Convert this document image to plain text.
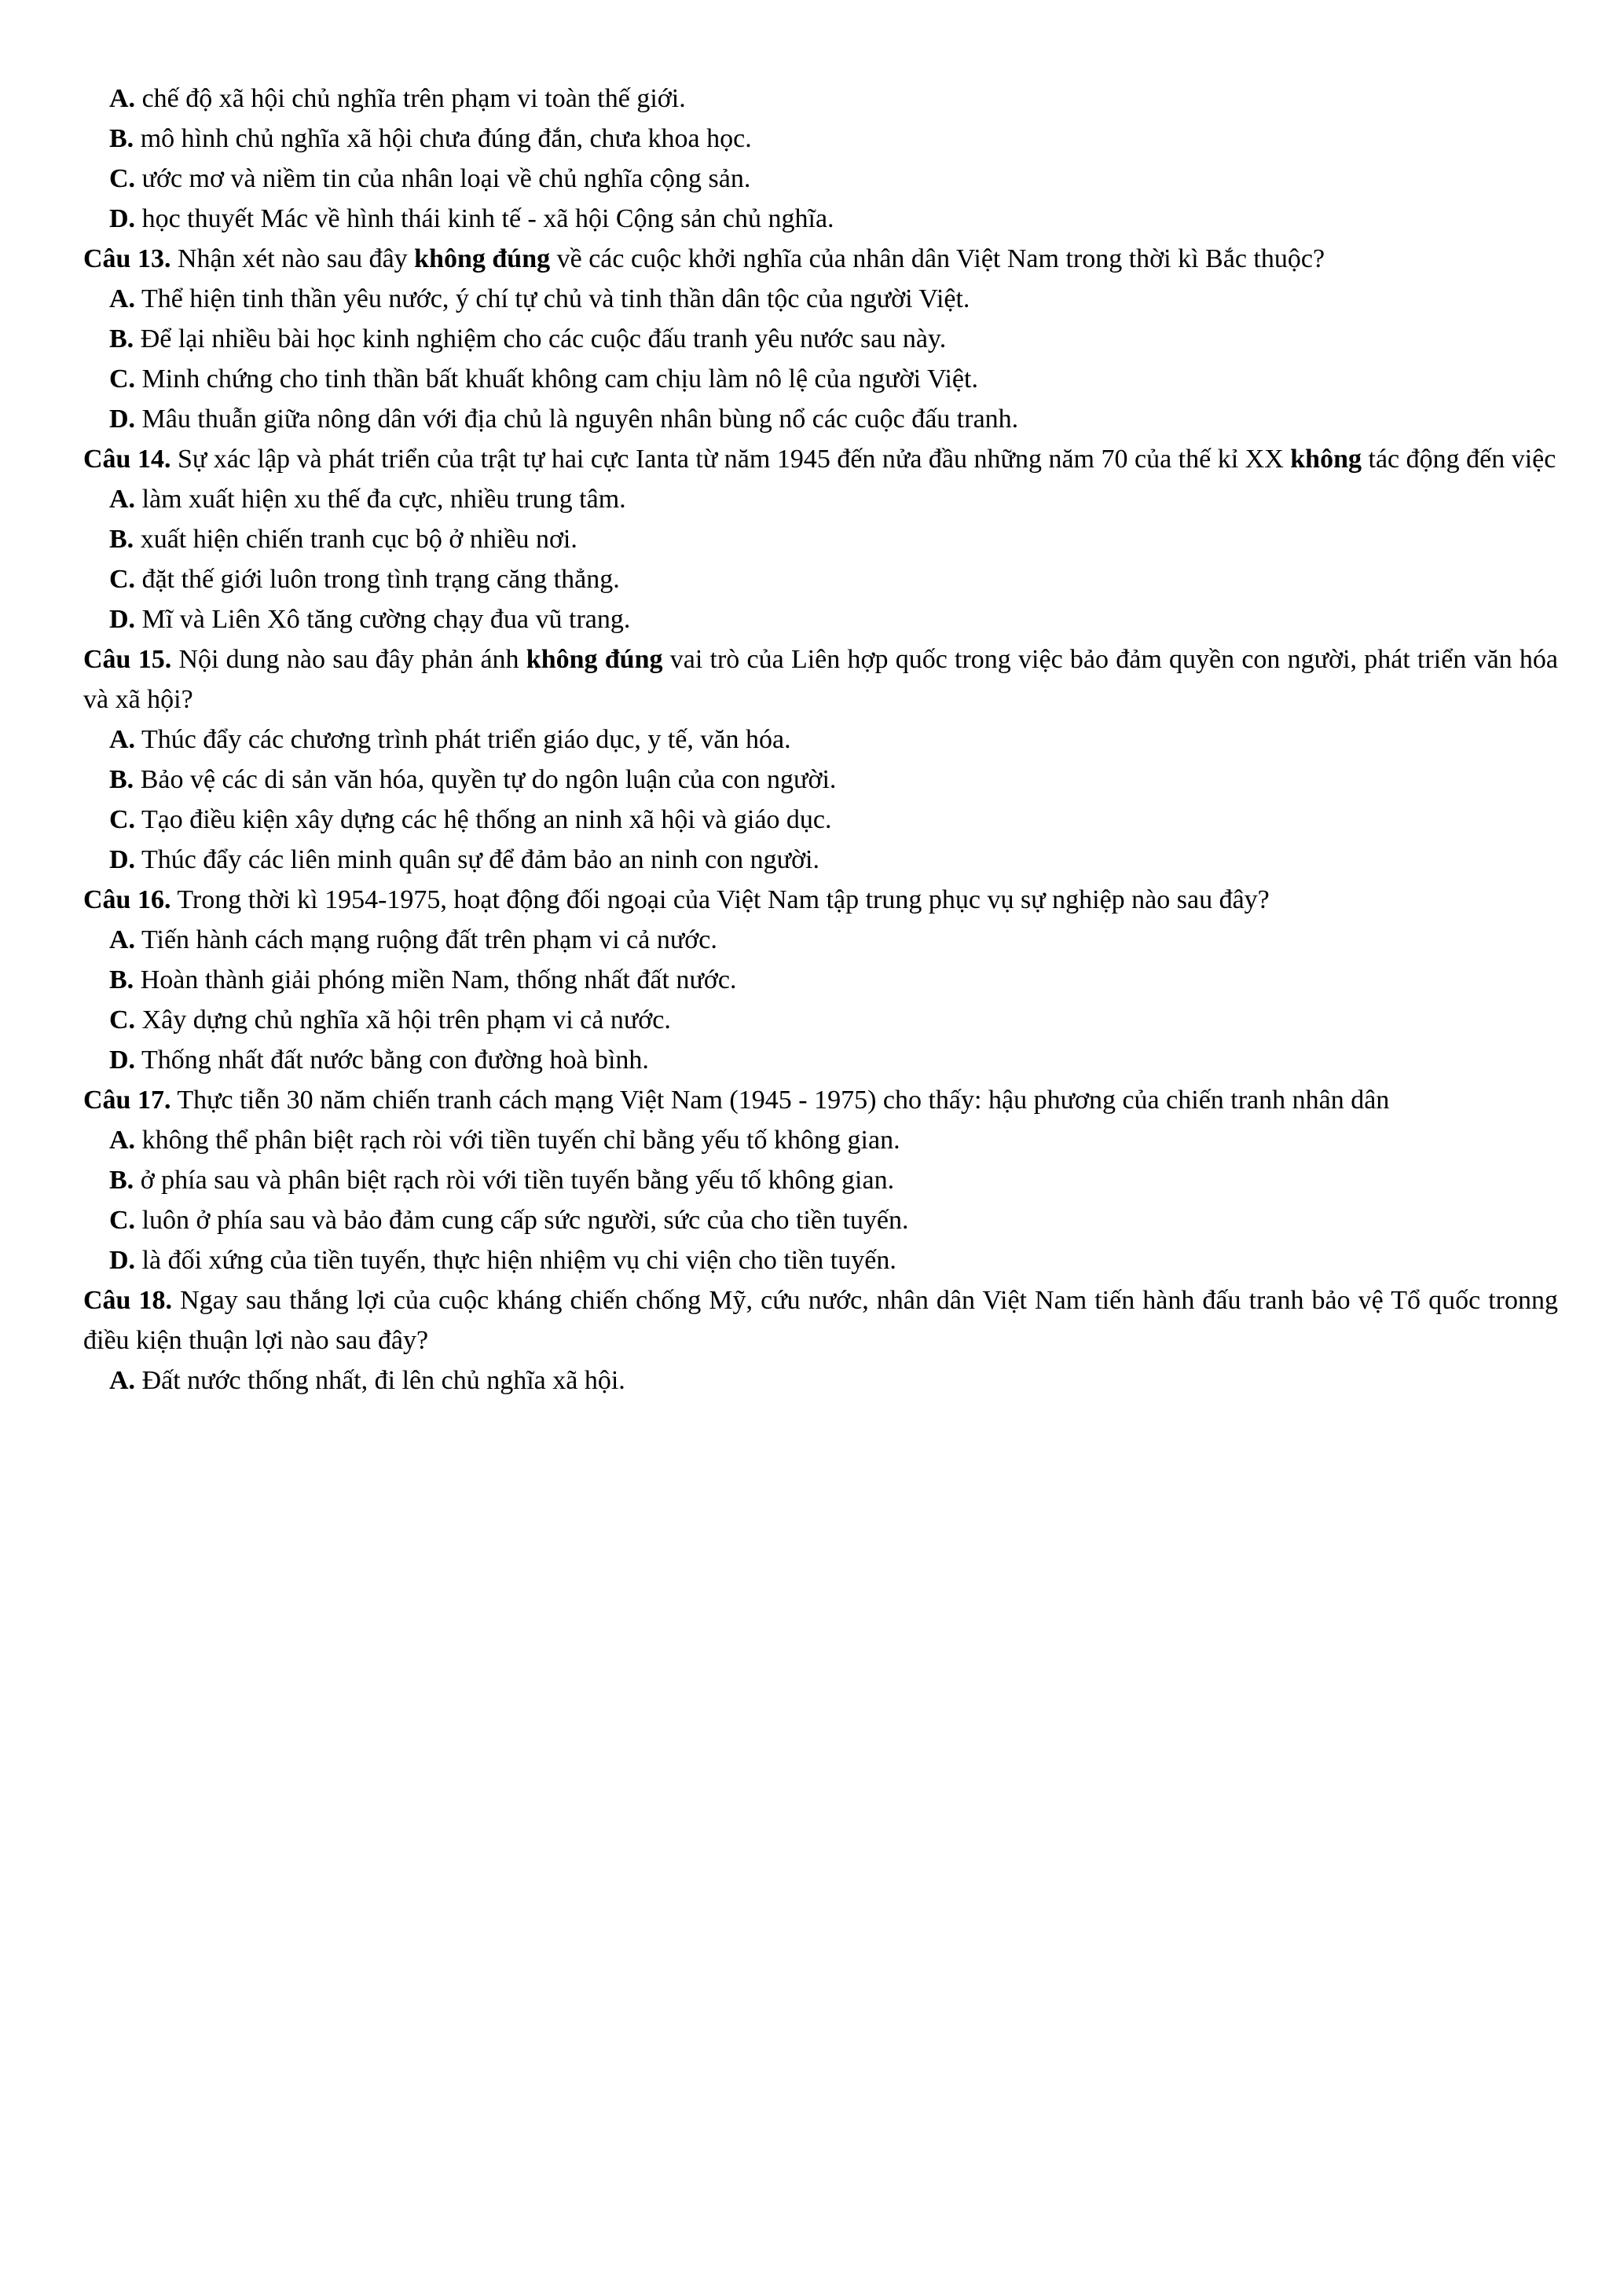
A. chế độ xã hội chủ nghĩa trên phạm vi toàn thế giới.
B. mô hình chủ nghĩa xã hội chưa đúng đắn, chưa khoa học.
C. ước mơ và niềm tin của nhân loại về chủ nghĩa cộng sản.
D. học thuyết Mác về hình thái kinh tế - xã hội Cộng sản chủ nghĩa.
Câu 13. Nhận xét nào sau đây không đúng về các cuộc khởi nghĩa của nhân dân Việt Nam trong thời kì Bắc thuộc?
A. Thể hiện tinh thần yêu nước, ý chí tự chủ và tinh thần dân tộc của người Việt.
B. Để lại nhiều bài học kinh nghiệm cho các cuộc đấu tranh yêu nước sau này.
C. Minh chứng cho tinh thần bất khuất không cam chịu làm nô lệ của người Việt.
D. Mâu thuẫn giữa nông dân với địa chủ là nguyên nhân bùng nổ các cuộc đấu tranh.
Câu 14. Sự xác lập và phát triển của trật tự hai cực Ianta từ năm 1945 đến nửa đầu những năm 70 của thế kỉ XX không tác động đến việc
A. làm xuất hiện xu thế đa cực, nhiều trung tâm.
B. xuất hiện chiến tranh cục bộ ở nhiều nơi.
C. đặt thế giới luôn trong tình trạng căng thẳng.
D. Mĩ và Liên Xô tăng cường chạy đua vũ trang.
Câu 15. Nội dung nào sau đây phản ánh không đúng vai trò của Liên hợp quốc trong việc bảo đảm quyền con người, phát triển văn hóa và xã hội?
A. Thúc đẩy các chương trình phát triển giáo dục, y tế, văn hóa.
B. Bảo vệ các di sản văn hóa, quyền tự do ngôn luận của con người.
C. Tạo điều kiện xây dựng các hệ thống an ninh xã hội và giáo dục.
D. Thúc đẩy các liên minh quân sự để đảm bảo an ninh con người.
Câu 16. Trong thời kì 1954-1975, hoạt động đối ngoại của Việt Nam tập trung phục vụ sự nghiệp nào sau đây?
A. Tiến hành cách mạng ruộng đất trên phạm vi cả nước.
B. Hoàn thành giải phóng miền Nam, thống nhất đất nước.
C. Xây dựng chủ nghĩa xã hội trên phạm vi cả nước.
D. Thống nhất đất nước bằng con đường hoà bình.
Câu 17. Thực tiễn 30 năm chiến tranh cách mạng Việt Nam (1945 - 1975) cho thấy: hậu phương của chiến tranh nhân dân
A. không thể phân biệt rạch ròi với tiền tuyến chỉ bằng yếu tố không gian.
B. ở phía sau và phân biệt rạch ròi với tiền tuyến bằng yếu tố không gian.
C. luôn ở phía sau và bảo đảm cung cấp sức người, sức của cho tiền tuyến.
D. là đối xứng của tiền tuyến, thực hiện nhiệm vụ chi viện cho tiền tuyến.
Câu 18. Ngay sau thắng lợi của cuộc kháng chiến chống Mỹ, cứu nước, nhân dân Việt Nam tiến hành đấu tranh bảo vệ Tổ quốc tronng điều kiện thuận lợi nào sau đây?
A. Đất nước thống nhất, đi lên chủ nghĩa xã hội.
